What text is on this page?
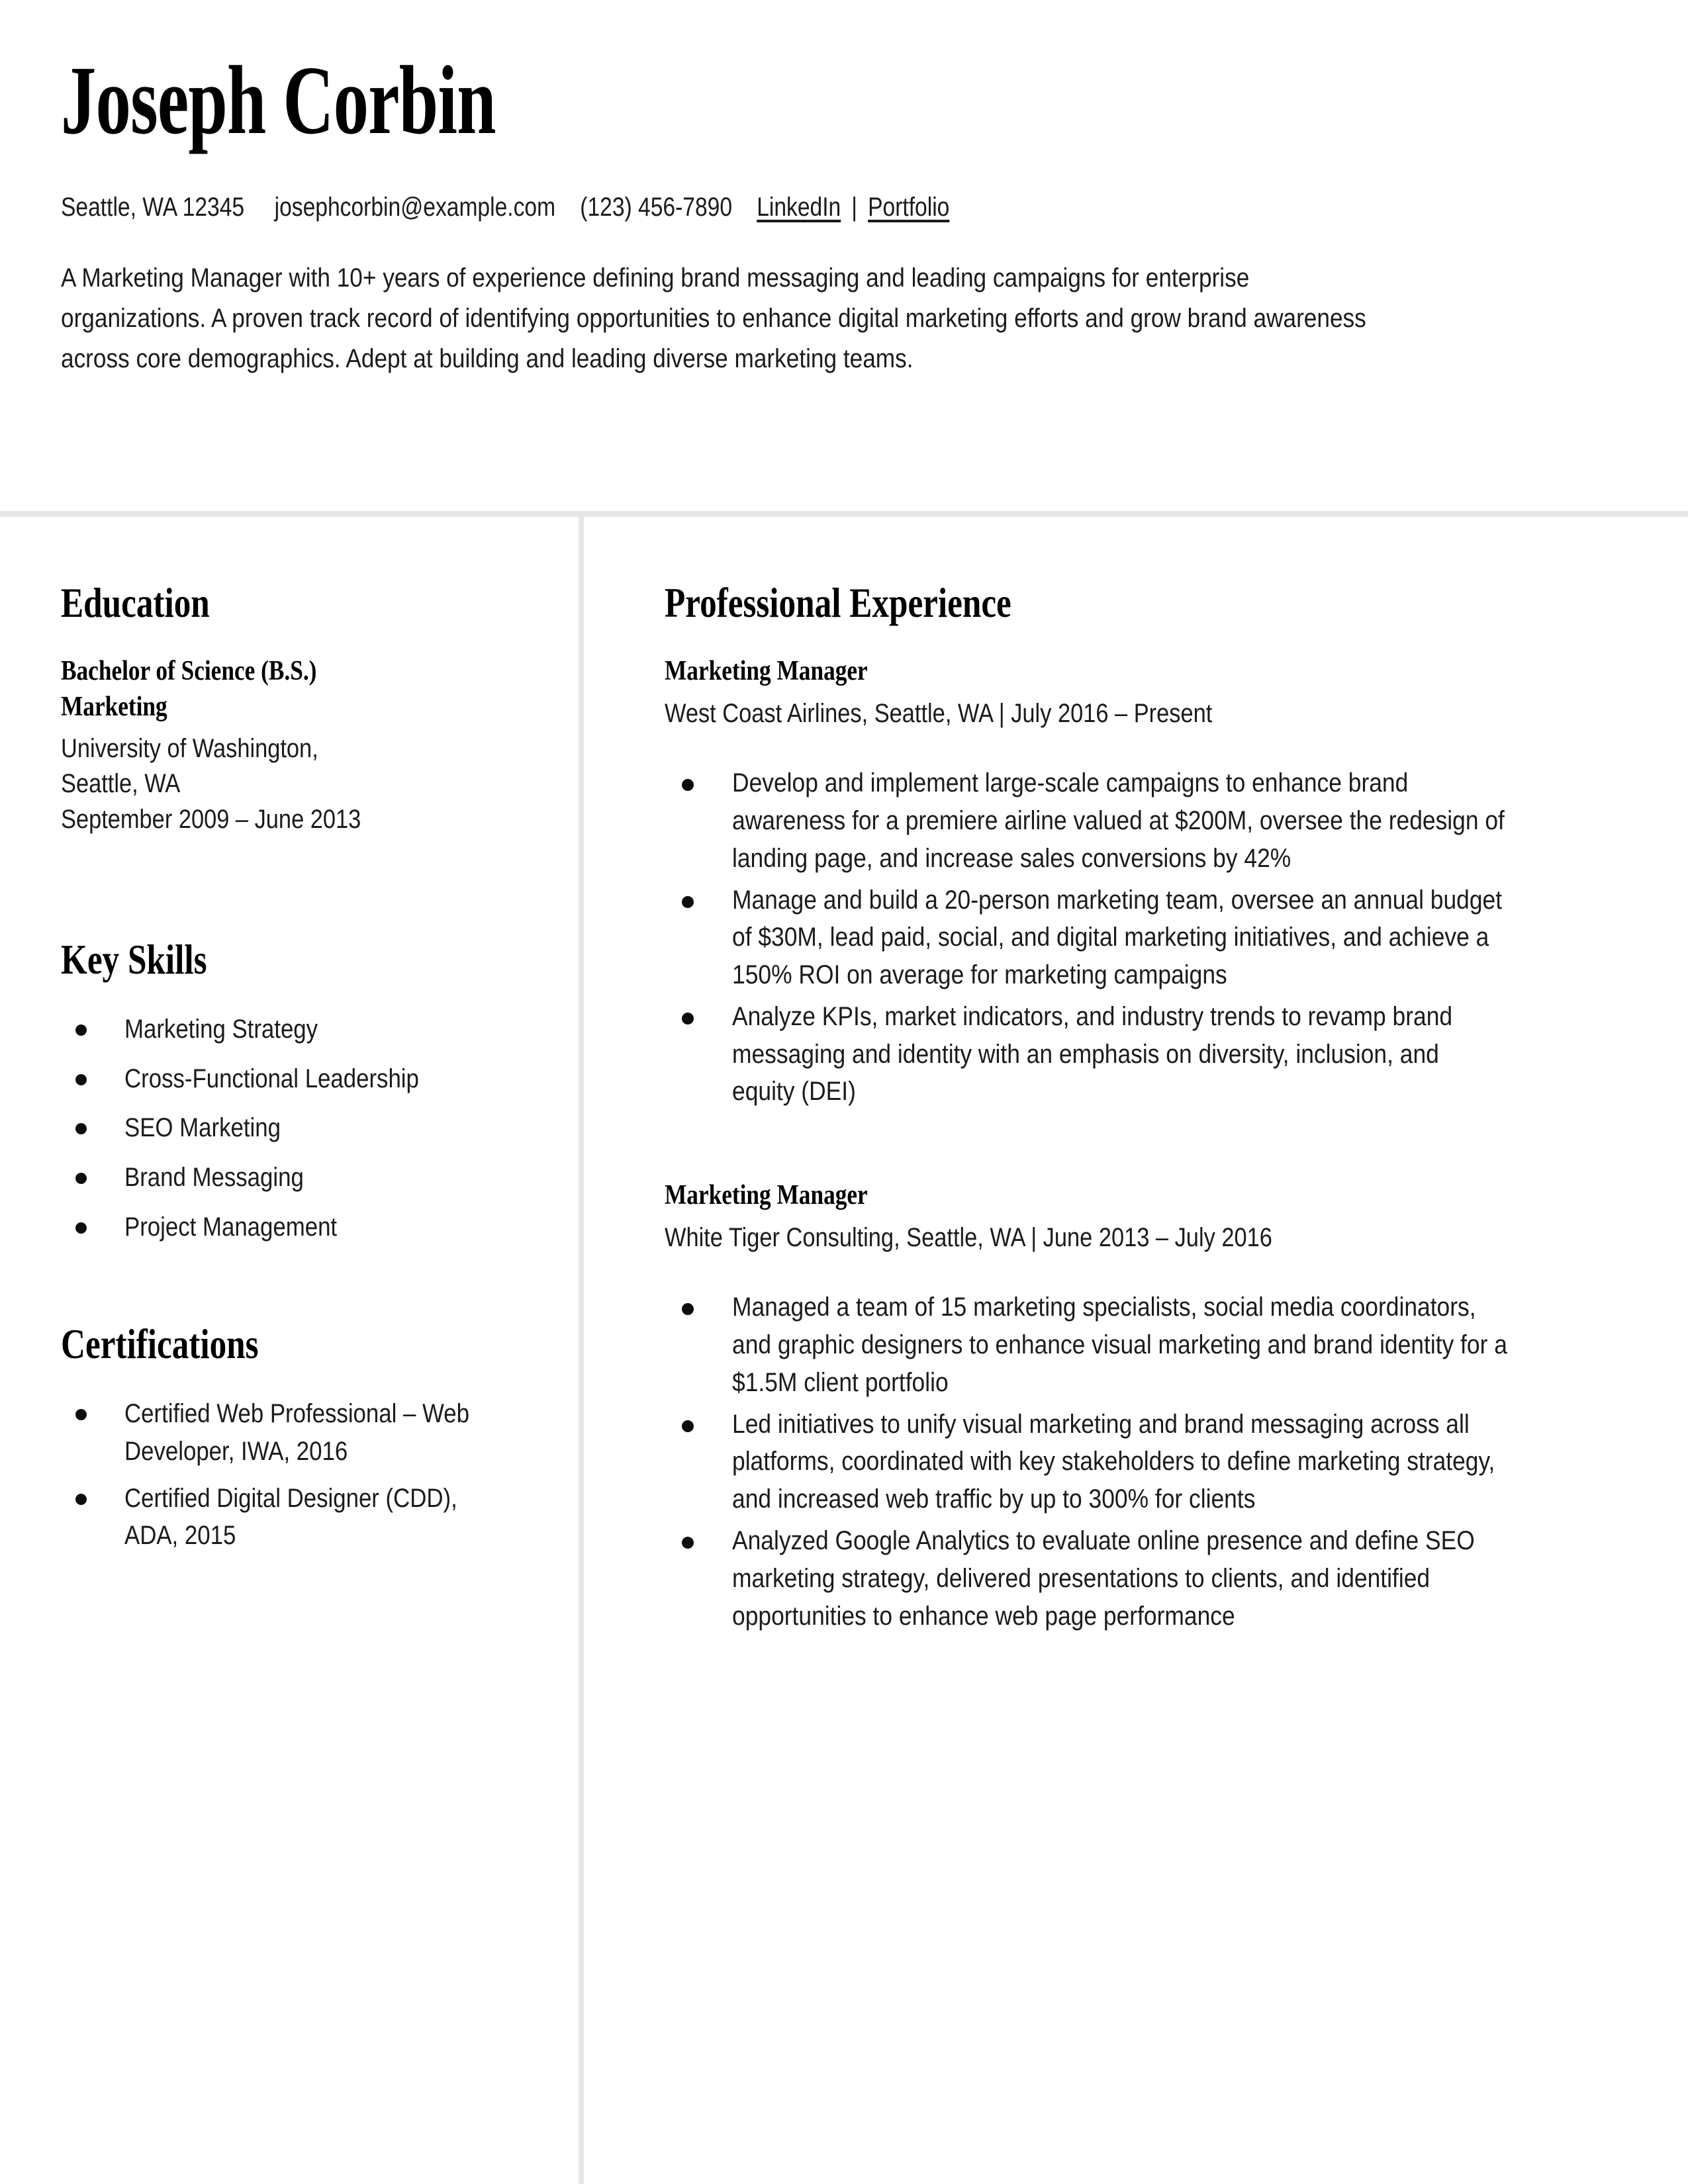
Joseph Corbin
Seattle, WA 12345 josephcorbin@example.com (123) 456-7890 LinkedIn | Portfolio

A Marketing Manager with 10+ years of experience defining brand messaging and leading campaigns for enterprise organizations. A proven track record of identifying opportunities to enhance digital marketing efforts and grow brand awareness across core demographics. Adept at building and leading diverse marketing teams.

Education
Bachelor of Science (B.S.)
Marketing

University of Washington,
Seattle, WA
September 2009 – June 2013

Key Skills
Marketing Strategy
Cross-Functional Leadership
SEO Marketing
Brand Messaging
Project Management
Certifications
Certified Web Professional – Web Developer, IWA, 2016
Certified Digital Designer (CDD), ADA, 2015
Professional Experience
Marketing Manager

West Coast Airlines, Seattle, WA | July 2016 – Present

Develop and implement large-scale campaigns to enhance brand awareness for a premiere airline valued at $200M, oversee the redesign of landing page, and increase sales conversions by 42%
Manage and build a 20-person marketing team, oversee an annual budget of $30M, lead paid, social, and digital marketing initiatives, and achieve a 150% ROI on average for marketing campaigns
Analyze KPIs, market indicators, and industry trends to revamp brand messaging and identity with an emphasis on diversity, inclusion, and equity (DEI)
Marketing Manager

White Tiger Consulting, Seattle, WA | June 2013 – July 2016

Managed a team of 15 marketing specialists, social media coordinators, and graphic designers to enhance visual marketing and brand identity for a $1.5M client portfolio
Led initiatives to unify visual marketing and brand messaging across all platforms, coordinated with key stakeholders to define marketing strategy, and increased web traffic by up to 300% for clients
Analyzed Google Analytics to evaluate online presence and define SEO marketing strategy, delivered presentations to clients, and identified opportunities to enhance web page performance
